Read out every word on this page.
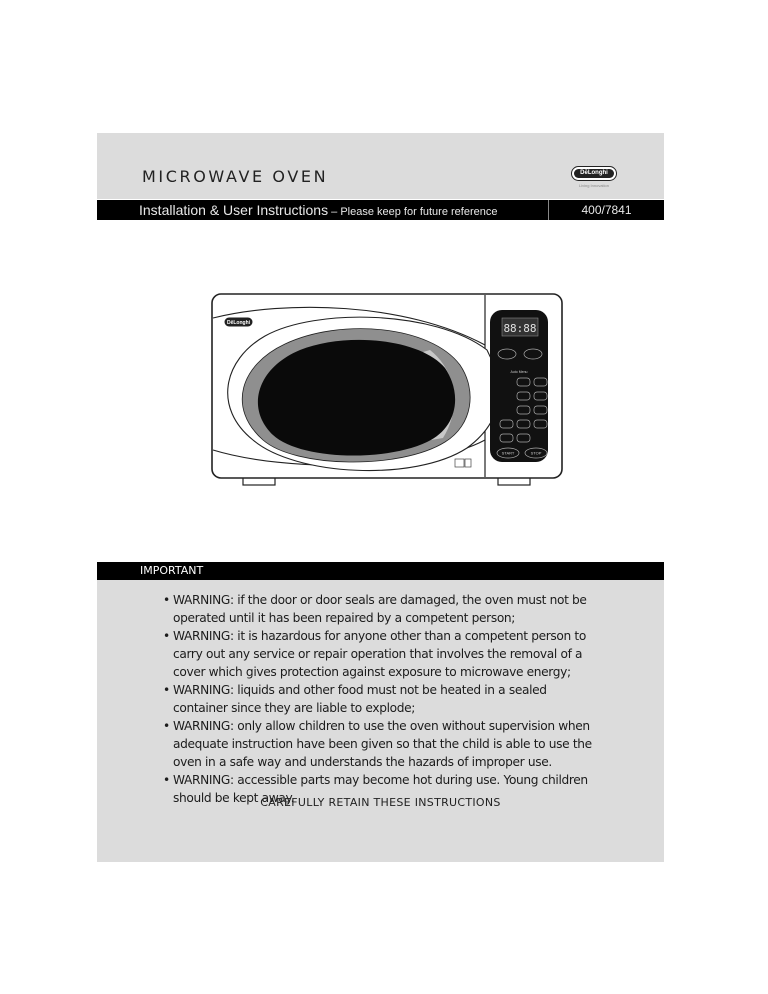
MICROWAVE OVEN	DēLonghi
Living Innovation
Installation & User Instructions – Please keep for future reference	400/7841
DēLonghi	88:88
Auto Menu
START	STOP
IMPORTANT
• WARNING: if the door or door seals are damaged, the oven must not be
operated until it has been repaired by a competent person;
• WARNING: it is hazardous for anyone other than a competent person to
carry out any service or repair operation that involves the removal of a
cover which gives protection against exposure to microwave energy;
• WARNING: liquids and other food must not be heated in a sealed
container since they are liable to explode;
• WARNING: only allow children to use the oven without supervision when
adequate instruction have been given so that the child is able to use the
oven in a safe way and understands the hazards of improper use.
• WARNING: accessible parts may become hot during use. Young children
should be kept away.
CAREFULLY RETAIN THESE INSTRUCTIONS
